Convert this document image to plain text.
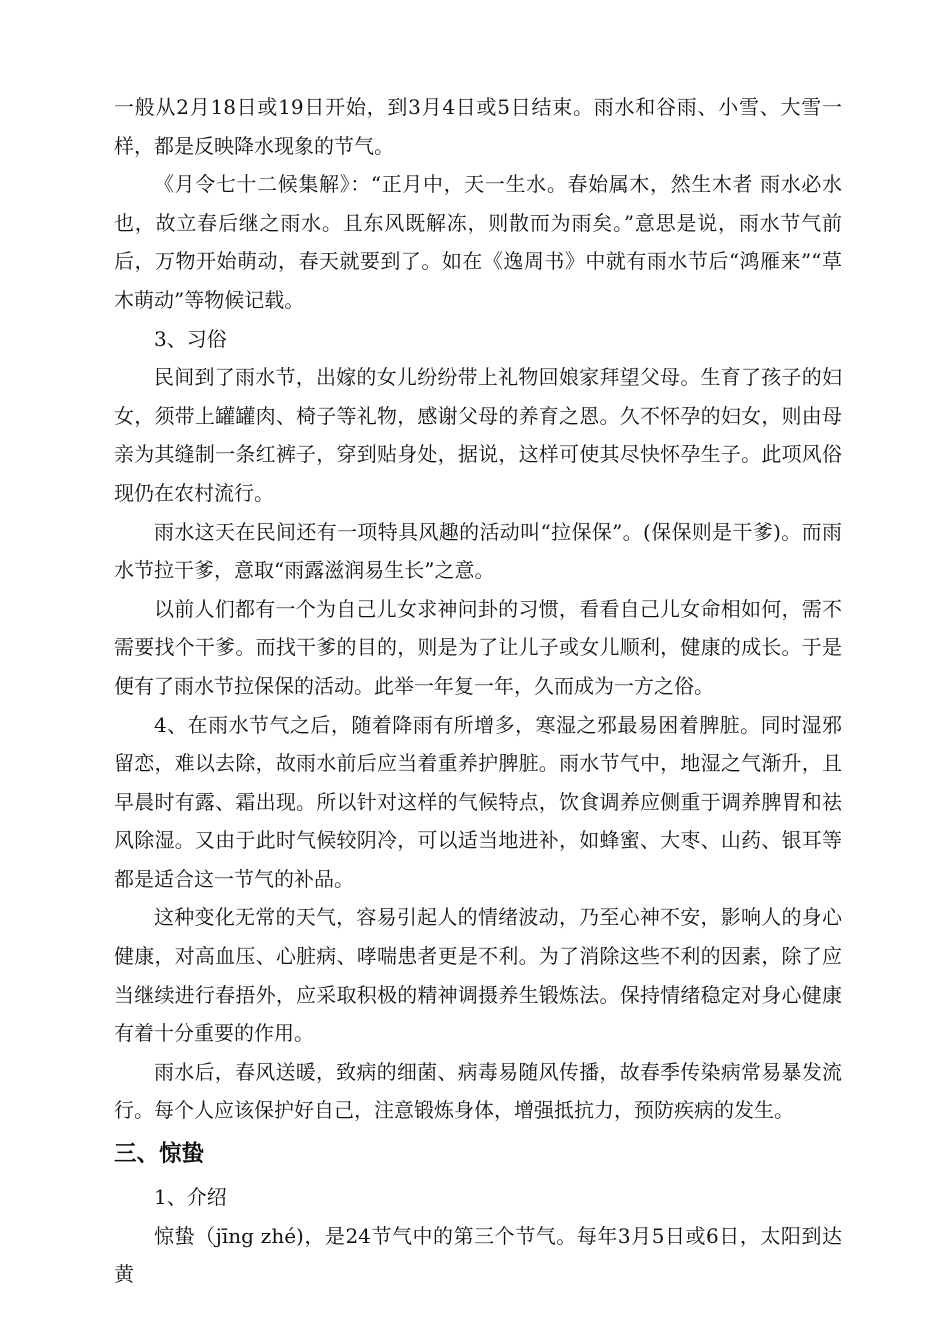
一般从2月18日或19日开始，到3月4日或5日结束。雨水和谷雨、小雪、大雪一样，都是反映降水现象的节气。

《月令七十二候集解》：“正月中，天一生水。春始属木，然生木者 雨水必水也，故立春后继之雨水。且东风既解冻，则散而为雨矣。”意思是说，雨水节气前后，万物开始萌动，春天就要到了。如在《逸周书》中就有雨水节后“鸿雁来”“草木萌动”等物候记载。

3、习俗

民间到了雨水节，出嫁的女儿纷纷带上礼物回娘家拜望父母。生育了孩子的妇女，须带上罐罐肉、椅子等礼物，感谢父母的养育之恩。久不怀孕的妇女，则由母亲为其缝制一条红裤子，穿到贴身处，据说，这样可使其尽快怀孕生子。此项风俗现仍在农村流行。

雨水这天在民间还有一项特具风趣的活动叫“拉保保”。(保保则是干爹)。而雨水节拉干爹，意取“雨露滋润易生长”之意。

以前人们都有一个为自己儿女求神问卦的习惯，看看自己儿女命相如何，需不需要找个干爹。而找干爹的目的，则是为了让儿子或女儿顺利，健康的成长。于是便有了雨水节拉保保的活动。此举一年复一年，久而成为一方之俗。

4、在雨水节气之后，随着降雨有所增多，寒湿之邪最易困着脾脏。同时湿邪留恋，难以去除，故雨水前后应当着重养护脾脏。雨水节气中，地湿之气渐升，且早晨时有露、霜出现。所以针对这样的气候特点，饮食调养应侧重于调养脾胃和祛风除湿。又由于此时气候较阴冷，可以适当地进补，如蜂蜜、大枣、山药、银耳等都是适合这一节气的补品。

这种变化无常的天气，容易引起人的情绪波动，乃至心神不安，影响人的身心健康，对高血压、心脏病、哮喘患者更是不利。为了消除这些不利的因素，除了应当继续进行春捂外，应采取积极的精神调摄养生锻炼法。保持情绪稳定对身心健康有着十分重要的作用。

雨水后，春风送暖，致病的细菌、病毒易随风传播，故春季传染病常易暴发流行。每个人应该保护好自己，注意锻炼身体，增强抵抗力，预防疾病的发生。

三、惊蛰

1、介绍

惊蛰（jīng zhé)，是24节气中的第三个节气。每年3月5日或6日，太阳到达黄
